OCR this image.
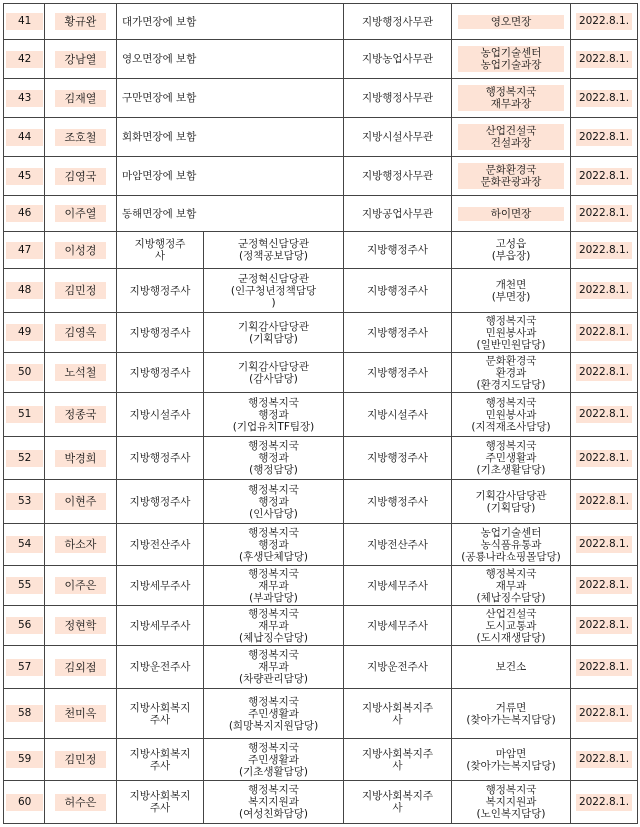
41	황규완	대가면장에 보함		지방행정사무관	영오면장	2022.8.1.
42	강남열	영오면장에 보함		지방농업사무관	농업기술센터
농업기술과장	2022.8.1.
43	김재열	구만면장에 보함		지방행정사무관	행정복지국
재무과장	2022.8.1.
44	조호철	회화면장에 보함		지방시설사무관	산업건설국
건설과장	2022.8.1.
45	김영국	마암면장에 보함		지방행정사무관	문화환경국
문화관광과장	2022.8.1.
46	이주열	동해면장에 보함		지방공업사무관	하이면장	2022.8.1.
47	이성경	지방행정주
사	군정혁신담당관
(정책공보담당)	지방행정주사	고성읍
(부읍장)	2022.8.1.
48	김민정	지방행정주사	군정혁신담당관
(인구청년정책담당
)	지방행정주사	개천면
(부면장)	2022.8.1.
49	김영옥	지방행정주사	기획감사담당관
(기획담당)	지방행정주사	행정복지국
민원봉사과
(일반민원담당)	2022.8.1.
50	노석철	지방행정주사	기획감사담당관
(감사담당)	지방행정주사	문화환경국
환경과
(환경지도담당)	2022.8.1.
51	정종국	지방시설주사	행정복지국
행정과
(기업유치TF팀장)	지방시설주사	행정복지국
민원봉사과
(지적재조사담당)	2022.8.1.
52	박경희	지방행정주사	행정복지국
행정과
(행정담당)	지방행정주사	행정복지국
주민생활과
(기초생활담당)	2022.8.1.
53	이현주	지방행정주사	행정복지국
행정과
(인사담당)	지방행정주사	기획감사담당관
(기획담당)	2022.8.1.
54	하소자	지방전산주사	행정복지국
행정과
(후생단체담당)	지방전산주사	농업기술센터
농식품유통과
(공룡나라쇼핑몰담당)	2022.8.1.
55	이주은	지방세무주사	행정복지국
재무과
(부과담당)	지방세무주사	행정복지국
재무과
(체납징수담당)	2022.8.1.
56	정현학	지방세무주사	행정복지국
재무과
(체납징수담당)	지방세무주사	산업건설국
도시교통과
(도시재생담당)	2022.8.1.
57	김외점	지방운전주사	행정복지국
재무과
(차량관리담당)	지방운전주사	보건소	2022.8.1.
58	천미옥	지방사회복지
주사	행정복지국
주민생활과
(희망복지지원담당)	지방사회복지주
사	거류면
(찾아가는복지담당)	2022.8.1.
59	김민정	지방사회복지
주사	행정복지국
주민생활과
(기초생활담당)	지방사회복지주
사	마암면
(찾아가는복지담당)	2022.8.1.
60	허수은	지방사회복지
주사	행정복지국
복지지원과
(여성친화담당)	지방사회복지주
사	행정복지국
복지지원과
(노인복지담당)	2022.8.1.
